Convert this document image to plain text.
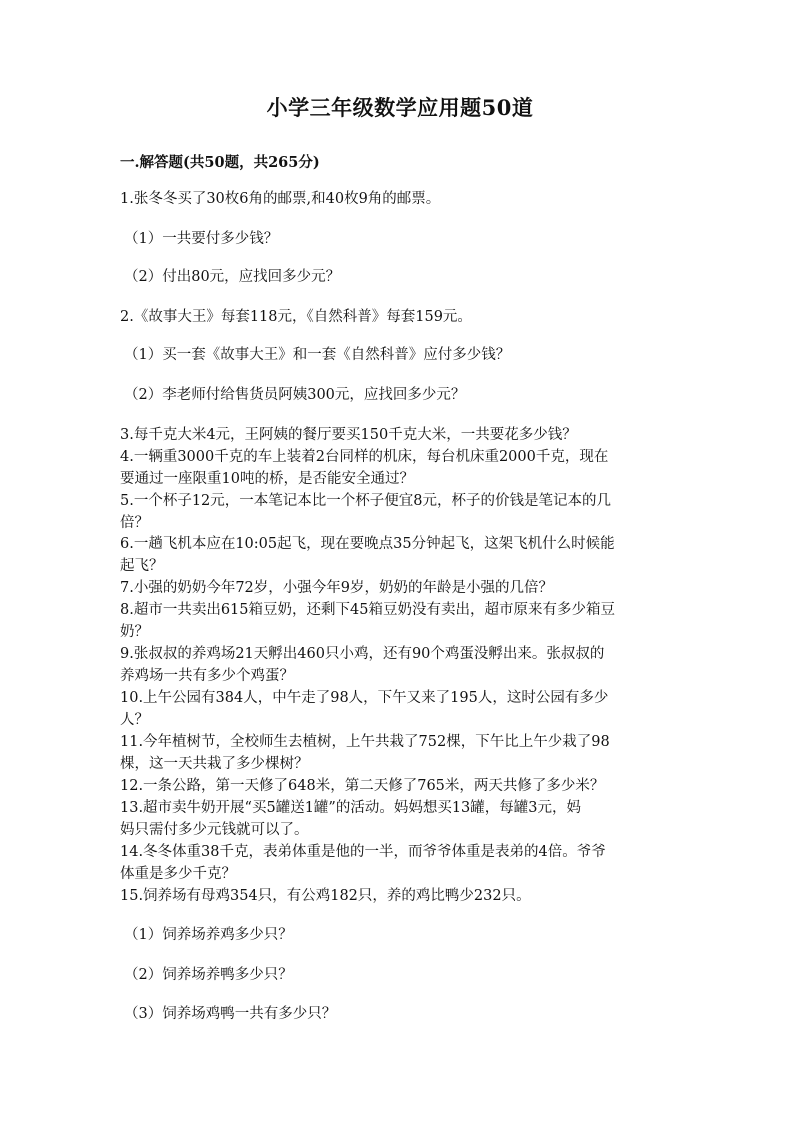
小学三年级数学应用题50道
一.解答题(共50题，共265分)
1.张冬冬买了30枚6角的邮票,和40枚9角的邮票。
（1）一共要付多少钱？
（2）付出80元，应找回多少元？
2.《故事大王》每套118元，《自然科普》每套159元。
（1）买一套《故事大王》和一套《自然科普》应付多少钱？
（2）李老师付给售货员阿姨300元，应找回多少元？
3.每千克大米4元，王阿姨的餐厅要买150千克大米，一共要花多少钱？
4.一辆重3000千克的车上装着2台同样的机床，每台机床重2000千克，现在
要通过一座限重10吨的桥，是否能安全通过？
5.一个杯子12元，一本笔记本比一个杯子便宜8元，杯子的价钱是笔记本的几
倍？
6.一趟飞机本应在10:05起飞，现在要晚点35分钟起飞，这架飞机什么时候能
起飞？
7.小强的奶奶今年72岁，小强今年9岁，奶奶的年龄是小强的几倍？
8.超市一共卖出615箱豆奶，还剩下45箱豆奶没有卖出，超市原来有多少箱豆
奶？
9.张叔叔的养鸡场21天孵出460只小鸡，还有90个鸡蛋没孵出来。张叔叔的
养鸡场一共有多少个鸡蛋？
10.上午公园有384人，中午走了98人，下午又来了195人，这时公园有多少
人？
11.今年植树节，全校师生去植树，上午共栽了752棵，下午比上午少栽了98
棵，这一天共栽了多少棵树？
12.一条公路，第一天修了648米，第二天修了765米，两天共修了多少米？
13.超市卖牛奶开展“买5罐送1罐”的活动。妈妈想买13罐，每罐3元，妈
妈只需付多少元钱就可以了。
14.冬冬体重38千克，表弟体重是他的一半，而爷爷体重是表弟的4倍。爷爷
体重是多少千克？
15.饲养场有母鸡354只，有公鸡182只，养的鸡比鸭少232只。
（1）饲养场养鸡多少只？
（2）饲养场养鸭多少只？
（3）饲养场鸡鸭一共有多少只？
